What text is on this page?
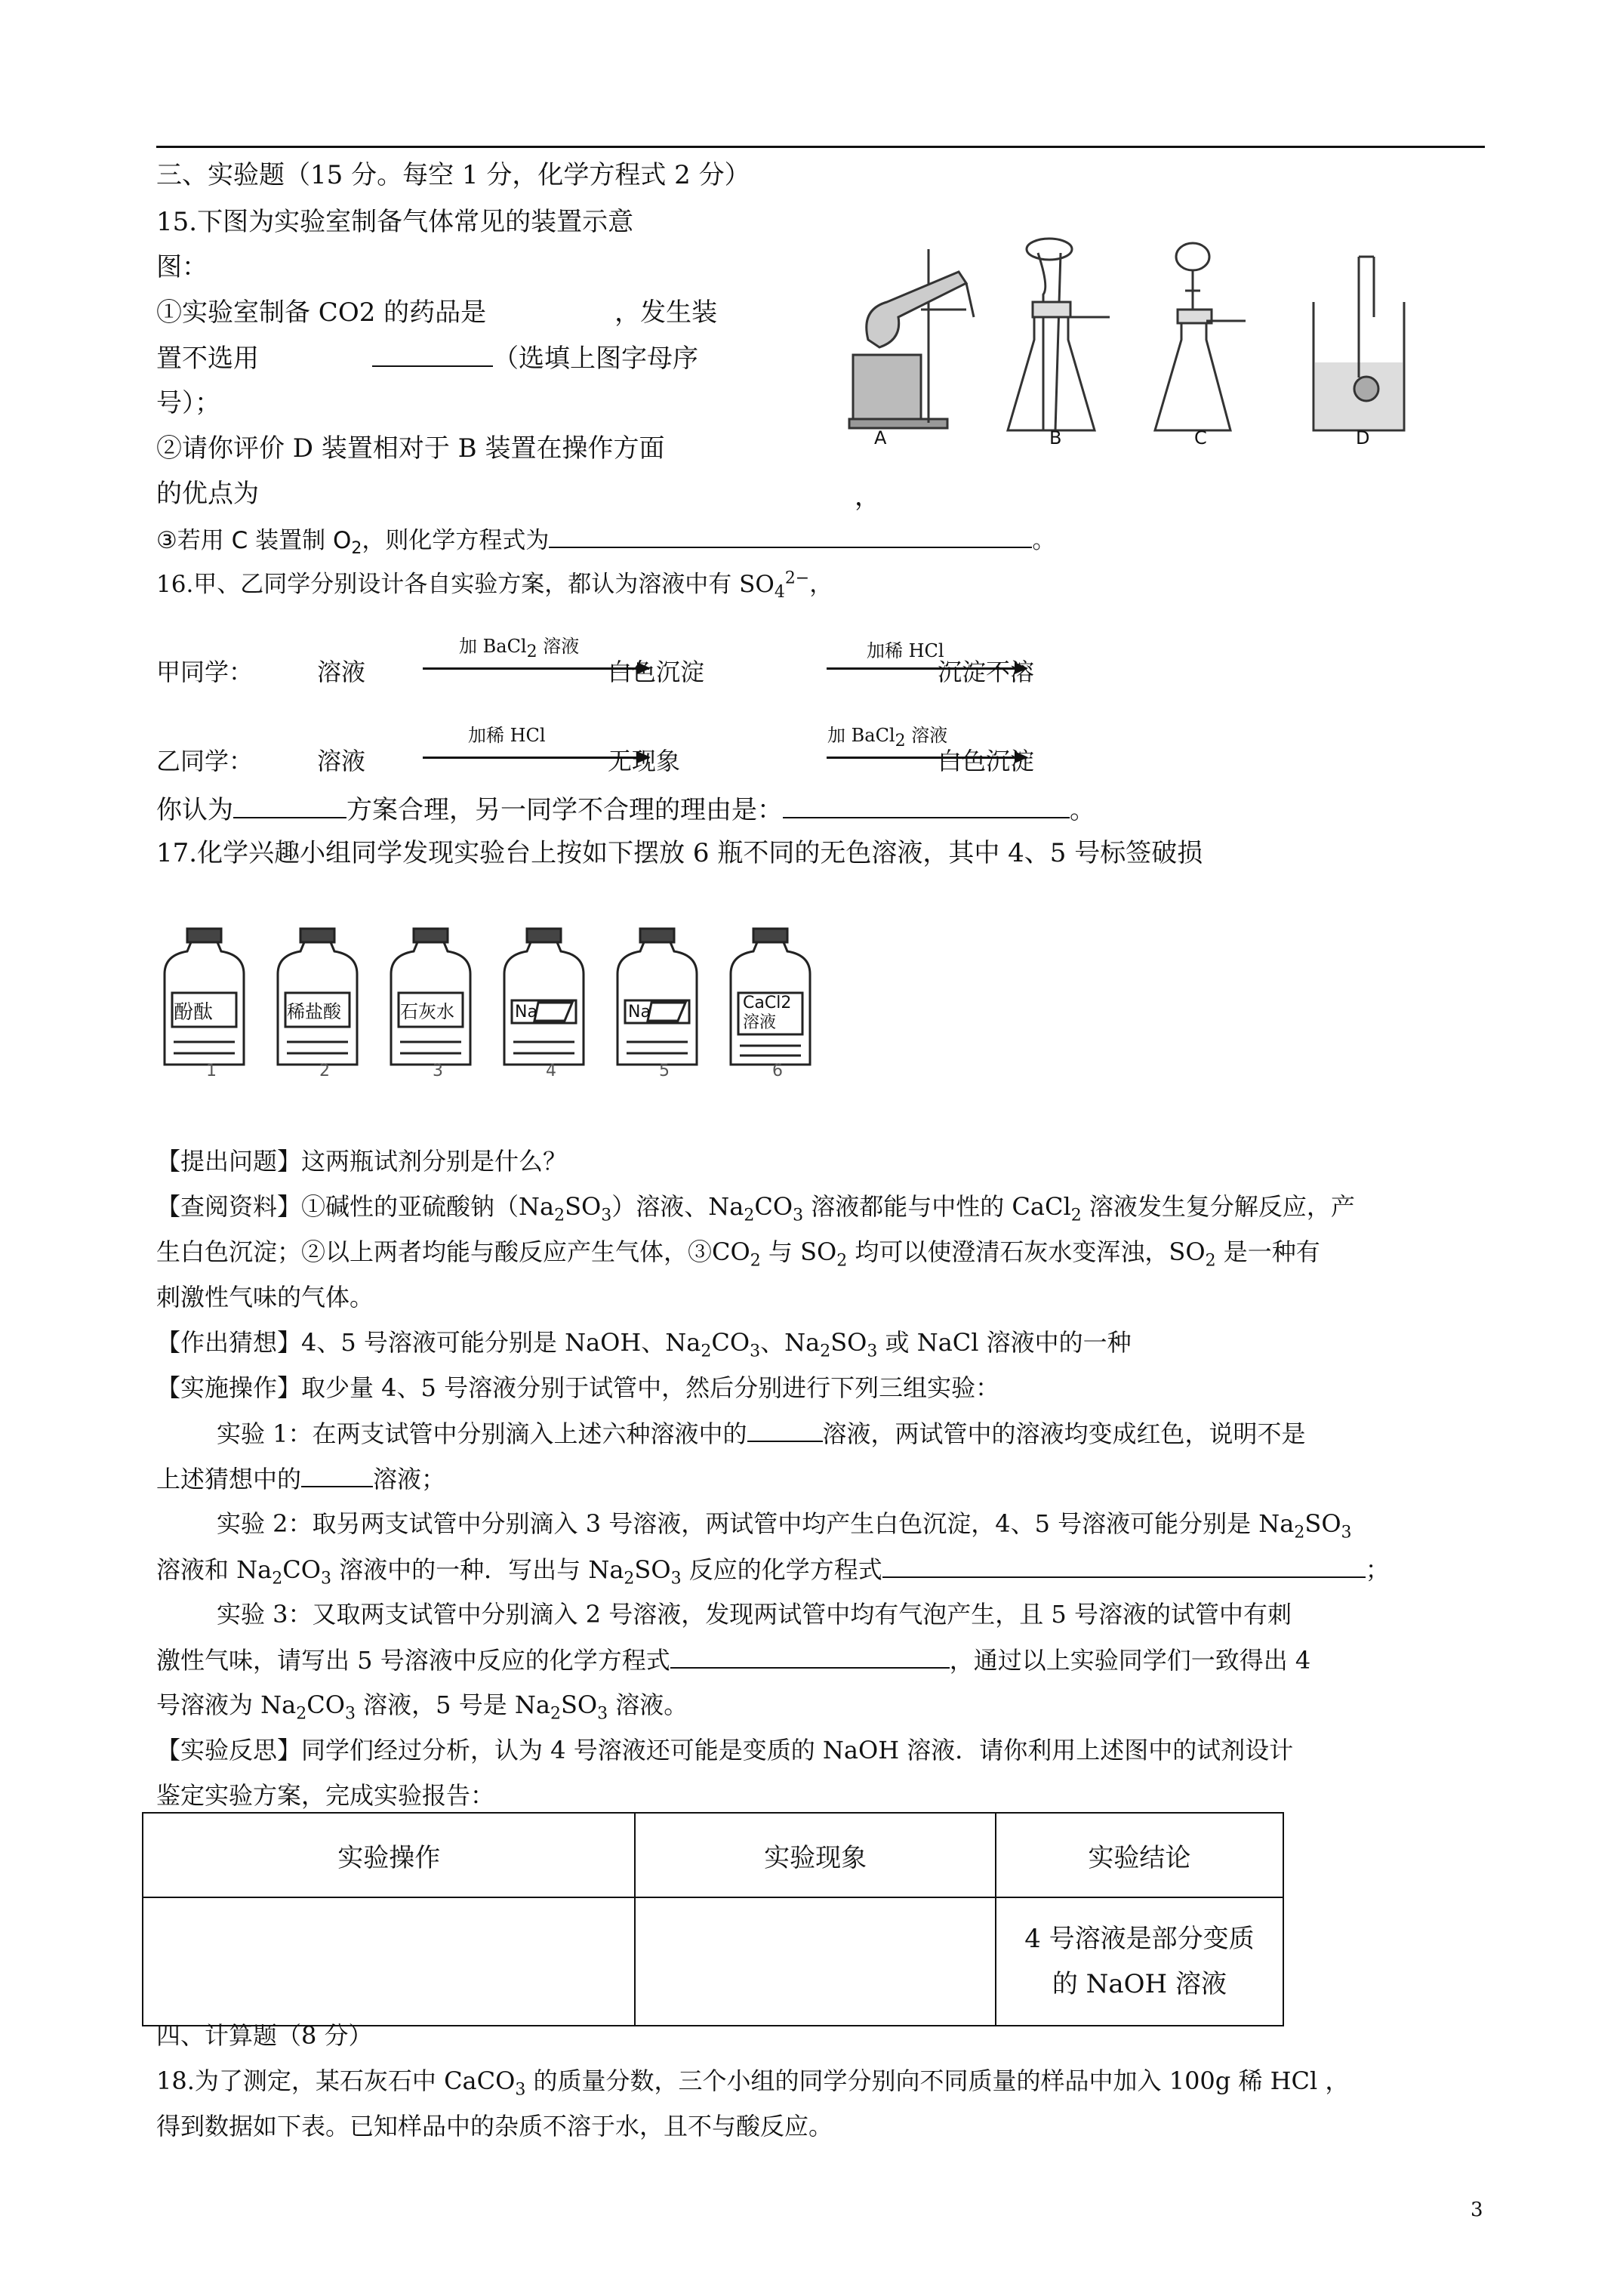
三、实验题（15 分。每空 1 分，化学方程式 2 分）
15.下图为实验室制备气体常见的装置示意
图：
①实验室制备 CO2 的药品是	，发生装
置不选用	（选填上图字母序
号）；
②请你评价 D 装置相对于 B 装置在操作方面
的优点为	，
③若用 C 装置制 $O_2$，则化学方程式为	。
A	B	C	D
16.甲、乙同学分别设计各自实验方案，都认为溶液中有 $SO_4^{2-}$，
甲同学：	溶液
加 BaCl$_2$ 溶液
白色沉淀
加稀 HCl
沉淀不溶
乙同学：	溶液
加稀 HCl
无现象
加 BaCl$_2$ 溶液
白色沉淀
你认为	方案合理，另一同学不合理的理由是：	。
17.化学兴趣小组同学发现实验台上按如下摆放 6 瓶不同的无色溶液，其中 4、5 号标签破损
酚酞	稀盐酸	石灰水	Na	Na	CaCl2 溶液
1	2	3	4	5	6
【提出问题】这两瓶试剂分别是什么？
【查阅资料】①碱性的亚硫酸钠$(Na_2SO_3)$溶液、$Na_2CO_3$ 溶液都能与中性的 CaCl$_2$ 溶液发生复分解反应，产
生白色沉淀；②以上两者均能与酸反应产生气体，$③CO_2$ 与 $SO_2$ 均可以使澄清石灰水变浑浊，$SO_2$ 是一种有
刺激性气味的气体。
【作出猜想】4、5 号溶液可能分别是 NaOH、$Na_2CO_3$、$Na_2SO_3$ 或 NaCl 溶液中的一种
【实施操作】取少量 4、5 号溶液分别于试管中，然后分别进行下列三组实验：
实验 1：在两支试管中分别滴入上述六种溶液中的	溶液，两试管中的溶液均变成红色，说明不是
上述猜想中的	溶液；
实验 2：取另两支试管中分别滴入 3 号溶液，两试管中均产生白色沉淀，4、5 号溶液可能分别是 $Na_2SO_3$
溶液和 $Na_2CO_3$ 溶液中的一种．写出与 $Na_2SO_3$ 反应的化学方程式	；
实验 3：又取两支试管中分别滴入 2 号溶液，发现两试管中均有气泡产生，且 5 号溶液的试管中有刺
激性气味，请写出 5 号溶液中反应的化学方程式	，通过以上实验同学们一致得出 4
号溶液为 $Na_2CO_3$ 溶液，5 号是 $Na_2SO_3$ 溶液。
【实验反思】同学们经过分析，认为 4 号溶液还可能是变质的 NaOH 溶液．请你利用上述图中的试剂设计
鉴定实验方案，完成实验报告：
实验操作	实验现象	实验结论
		4 号溶液是部分变质
的 NaOH 溶液
四、计算题（8 分）
18.为了测定，某石灰石中 CaCO$_3$ 的质量分数，三个小组的同学分别向不同质量的样品中加入 100g 稀 HCl ，
得到数据如下表。已知样品中的杂质不溶于水，且不与酸反应。
3
